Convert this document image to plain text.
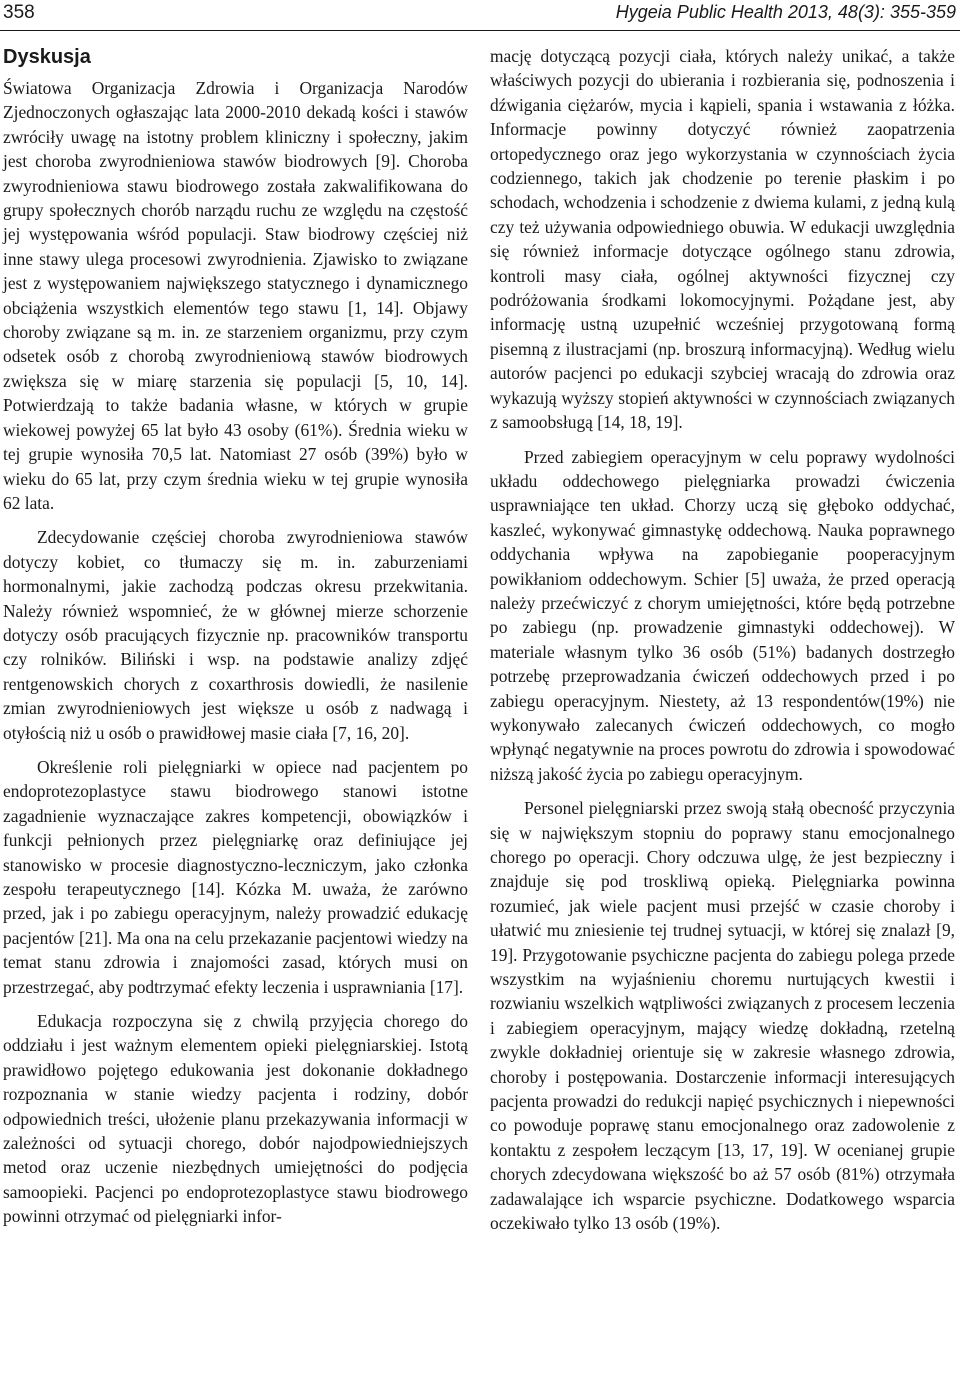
358	Hygeia Public Health 2013, 48(3): 355-359
Dyskusja

Światowa Organizacja Zdrowia i Organizacja Narodów Zjednoczonych ogłaszając lata 2000-2010 dekadą kości i stawów zwróciły uwagę na istotny problem kliniczny i społeczny, jakim jest choroba zwyrodnieniowa stawów biodrowych [9]. Choroba zwyrodnieniowa stawu biodrowego została zakwalifikowana do grupy społecznych chorób narządu ruchu ze względu na częstość jej występowania wśród populacji. Staw biodrowy częściej niż inne stawy ulega procesowi zwyrodnienia. Zjawisko to związane jest z występowaniem największego statycznego i dynamicznego obciążenia wszystkich elementów tego stawu [1, 14]. Objawy choroby związane są m. in. ze starzeniem organizmu, przy czym odsetek osób z chorobą zwyrodnieniową stawów biodrowych zwiększa się w miarę starzenia się populacji [5, 10, 14]. Potwierdzają to także badania własne, w których w grupie wiekowej powyżej 65 lat było 43 osoby (61%). Średnia wieku w tej grupie wynosiła 70,5 lat. Natomiast 27 osób (39%) było w wieku do 65 lat, przy czym średnia wieku w tej grupie wynosiła 62 lata.

Zdecydowanie częściej choroba zwyrodnieniowa stawów dotyczy kobiet, co tłumaczy się m. in. zaburzeniami hormonalnymi, jakie zachodzą podczas okresu przekwitania. Należy również wspomnieć, że w głównej mierze schorzenie dotyczy osób pracujących fizycznie np. pracowników transportu czy rolników. Biliński i wsp. na podstawie analizy zdjęć rentgenowskich chorych z coxarthrosis dowiedli, że nasilenie zmian zwyrodnieniowych jest większe u osób z nadwagą i otyłością niż u osób o prawidłowej masie ciała [7, 16, 20].

Określenie roli pielęgniarki w opiece nad pacjentem po endoprotezoplastyce stawu biodrowego stanowi istotne zagadnienie wyznaczające zakres kompetencji, obowiązków i funkcji pełnionych przez pielęgniarkę oraz definiujące jej stanowisko w procesie diagnostyczno-leczniczym, jako członka zespołu terapeutycznego [14]. Kózka M. uważa, że zarówno przed, jak i po zabiegu operacyjnym, należy prowadzić edukację pacjentów [21]. Ma ona na celu przekazanie pacjentowi wiedzy na temat stanu zdrowia i znajomości zasad, których musi on przestrzegać, aby podtrzymać efekty leczenia i usprawniania [17].

Edukacja rozpoczyna się z chwilą przyjęcia chorego do oddziału i jest ważnym elementem opieki pielęgniarskiej. Istotą prawidłowo pojętego edukowania jest dokonanie dokładnego rozpoznania w stanie wiedzy pacjenta i rodziny, dobór odpowiednich treści, ułożenie planu przekazywania informacji w zależności od sytuacji chorego, dobór najodpowiedniejszych metod oraz uczenie niezbędnych umiejętności do podjęcia samoopieki. Pacjenci po endoprotezoplastyce stawu biodrowego powinni otrzymać od pielęgniarki infor-

mację dotyczącą pozycji ciała, których należy unikać, a także właściwych pozycji do ubierania i rozbierania się, podnoszenia i dźwigania ciężarów, mycia i kąpieli, spania i wstawania z łóżka. Informacje powinny dotyczyć również zaopatrzenia ortopedycznego oraz jego wykorzystania w czynnościach życia codziennego, takich jak chodzenie po terenie płaskim i po schodach, wchodzenia i schodzenie z dwiema kulami, z jedną kulą czy też używania odpowiedniego obuwia. W edukacji uwzględnia się również informacje dotyczące ogólnego stanu zdrowia, kontroli masy ciała, ogólnej aktywności fizycznej czy podróżowania środkami lokomocyjnymi. Pożądane jest, aby informację ustną uzupełnić wcześniej przygotowaną formą pisemną z ilustracjami (np. broszurą informacyjną). Według wielu autorów pacjenci po edukacji szybciej wracają do zdrowia oraz wykazują wyższy stopień aktywności w czynnościach związanych z samoobsługą [14, 18, 19].

Przed zabiegiem operacyjnym w celu poprawy wydolności układu oddechowego pielęgniarka prowadzi ćwiczenia usprawniające ten układ. Chorzy uczą się głęboko oddychać, kaszleć, wykonywać gimnastykę oddechową. Nauka poprawnego oddychania wpływa na zapobieganie pooperacyjnym powikłaniom oddechowym. Schier [5] uważa, że przed operacją należy przećwiczyć z chorym umiejętności, które będą potrzebne po zabiegu (np. prowadzenie gimnastyki oddechowej). W materiale własnym tylko 36 osób (51%) badanych dostrzegło potrzebę przeprowadzania ćwiczeń oddechowych przed i po zabiegu operacyjnym. Niestety, aż 13 respondentów(19%) nie wykonywało zalecanych ćwiczeń oddechowych, co mogło wpłynąć negatywnie na proces powrotu do zdrowia i spowodować niższą jakość życia po zabiegu operacyjnym.

Personel pielęgniarski przez swoją stałą obecność przyczynia się w największym stopniu do poprawy stanu emocjonalnego chorego po operacji. Chory odczuwa ulgę, że jest bezpieczny i znajduje się pod troskliwą opieką. Pielęgniarka powinna rozumieć, jak wiele pacjent musi przejść w czasie choroby i ułatwić mu zniesienie tej trudnej sytuacji, w której się znalazł [9, 19]. Przygotowanie psychiczne pacjenta do zabiegu polega przede wszystkim na wyjaśnieniu choremu nurtujących kwestii i rozwianiu wszelkich wątpliwości związanych z procesem leczenia i zabiegiem operacyjnym, mający wiedzę dokładną, rzetelną zwykle dokładniej orientuje się w zakresie własnego zdrowia, choroby i postępowania. Dostarczenie informacji interesujących pacjenta prowadzi do redukcji napięć psychicznych i niepewności co powoduje poprawę stanu emocjonalnego oraz zadowolenie z kontaktu z zespołem leczącym [13, 17, 19]. W ocenianej grupie chorych zdecydowana większość bo aż 57 osób (81%) otrzymała zadawalające ich wsparcie psychiczne. Dodatkowego wsparcia oczekiwało tylko 13 osób (19%).
